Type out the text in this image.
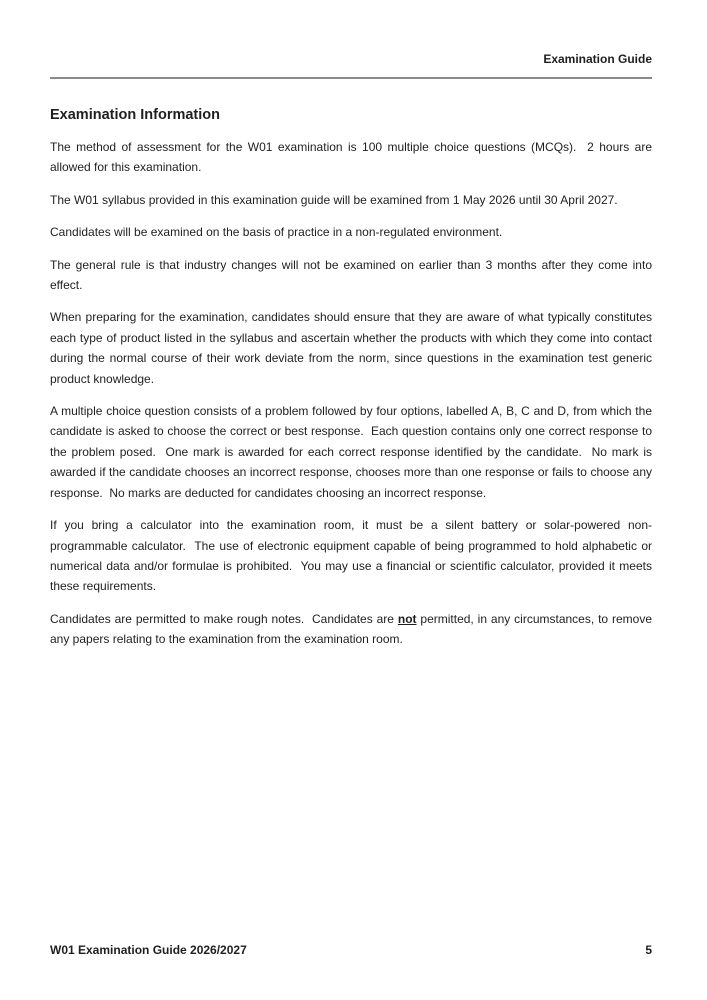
Examination Guide
Examination Information

The method of assessment for the W01 examination is 100 multiple choice questions (MCQs).  2 hours are allowed for this examination.

The W01 syllabus provided in this examination guide will be examined from 1 May 2026 until 30 April 2027.

Candidates will be examined on the basis of practice in a non-regulated environment.

The general rule is that industry changes will not be examined on earlier than 3 months after they come into effect.

When preparing for the examination, candidates should ensure that they are aware of what typically constitutes each type of product listed in the syllabus and ascertain whether the products with which they come into contact during the normal course of their work deviate from the norm, since questions in the examination test generic product knowledge.

A multiple choice question consists of a problem followed by four options, labelled A, B, C and D, from which the candidate is asked to choose the correct or best response.  Each question contains only one correct response to the problem posed.  One mark is awarded for each correct response identified by the candidate.  No mark is awarded if the candidate chooses an incorrect response, chooses more than one response or fails to choose any response.  No marks are deducted for candidates choosing an incorrect response.

If you bring a calculator into the examination room, it must be a silent battery or solar-powered non-programmable calculator.  The use of electronic equipment capable of being programmed to hold alphabetic or numerical data and/or formulae is prohibited.  You may use a financial or scientific calculator, provided it meets these requirements.

Candidates are permitted to make rough notes.  Candidates are not permitted, in any circumstances, to remove any papers relating to the examination from the examination room.

W01 Examination Guide 2026/2027	5
